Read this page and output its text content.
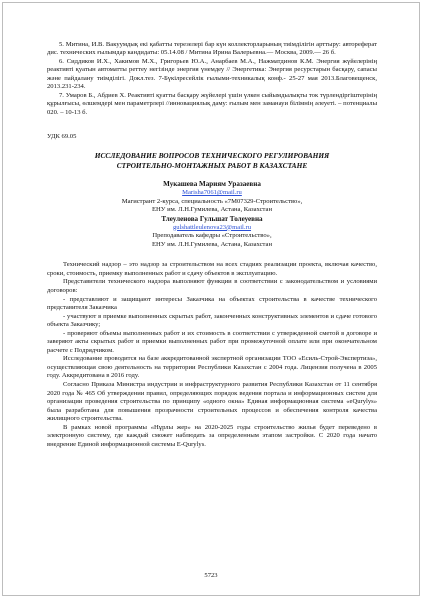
5. Митина, И.В. Вакуумдық екі қабатты терезелері бар күн коллекторларының тиімділігін арттыру: автореферат дис. технических ғылымдар кандидаты: 05.14.08 / Митина Ирина Валерьевна.— Москва, 2009.— 26 б.

6. Сиддиков И.Х., Хакимов М.Х., Григорьев Ю.А., Анарбаев М.А., Нажматдинов К.М. Энергия жүйелерінің реактивті қуатын автоматты реттеу негізінде энергия үнемдеу // Энергетика: Энергия ресурстарын басқару, сапасы және пайдалану тиімділігі. Докл.тез. 7-Бүкілресейлік ғылыми-техникалық конф.- 25-27 мая 2013.Благовещенск, 2013.231-234.

7. Умаров Б., Абдиев Х. Реактивті қуатты басқару жүйелері үшін үлкен сыйымдылықты ток түрлендіргіштерінің құрылғысы, өлшемдері мен параметрлері //инновациялық даму: ғылым мен заманауи білімнің әлеуеті. – потенциалы 020. – 10-13 б.

УДК 69.05

ИССЛЕДОВАНИЕ ВОПРОСОВ ТЕХНИЧЕСКОГО РЕГУЛИРОВАНИЯ
СТРОИТЕЛЬНО-МОНТАЖНЫХ РАБОТ В КАЗАХСТАНЕ

Мукашева Мариям Уразаевна

Marisha7061@mail.ru

Магистрант 2-курса, специальность «7М07329-Строительство»,

ЕНУ им. Л.Н.Гумилева, Астана, Казахстан

Тлеуленова Гульшат Толеуевна

gulshattleulenova23@mail.ru

Преподаватель кафедры «Строительство»,

ЕНУ им. Л.Н.Гумилева, Астана, Казахстан

Технический надзор – это надзор за строительством на всех стадиях реализации проекта, включая качество, сроки, стоимость, приемку выполненных работ и сдачу объектов в эксплуатацию.

Представители технического надзора выполняют функции в соответствии с законодательством и условиями договоров:

- представляют и защищают интересы Заказчика на объектах строительства в качестве технического представителя Заказчика

- участвуют в приемке выполненных скрытых работ, законченных конструктивных элементов и сдаче готового объекта Заказчику;

- проверяют объемы выполненных работ и их стоимость в соответствии с утвержденной сметой в договоре и заверяют акты скрытых работ и приемки выполненных работ при промежуточной оплате или при окончательном расчете с Подрядчиком.

Исследование проводится на базе аккредитованной экспертной организации ТОО «Есиль-Строй-Экспертиза», осуществляющая свою деятельность на территории Республики Казахстан с 2004 года. Лицензия получена в 2005 году. Аккредитована в 2016 году.

Согласно Приказа Министра индустрии и инфраструктурного развития Республики Казахстан от 11 сентября 2020 года № 465 Об утверждении правил, определяющих порядок ведения портала и информационных систем для организации проведения строительства по принципу «одного окна» Единая информационная система «eQurylys» была разработана для повышения прозрачности строительных процессов и обеспечения контроля качества жилищного строительства.

В рамках новой программы «Нұрлы жер» на 2020-2025 годы строительство жилья будет переведено в электронную систему, где каждый сможет наблюдать за определенным этапом застройки. С 2020 года начато внедрение Единой информационной системы E-Qurylys.

5723
